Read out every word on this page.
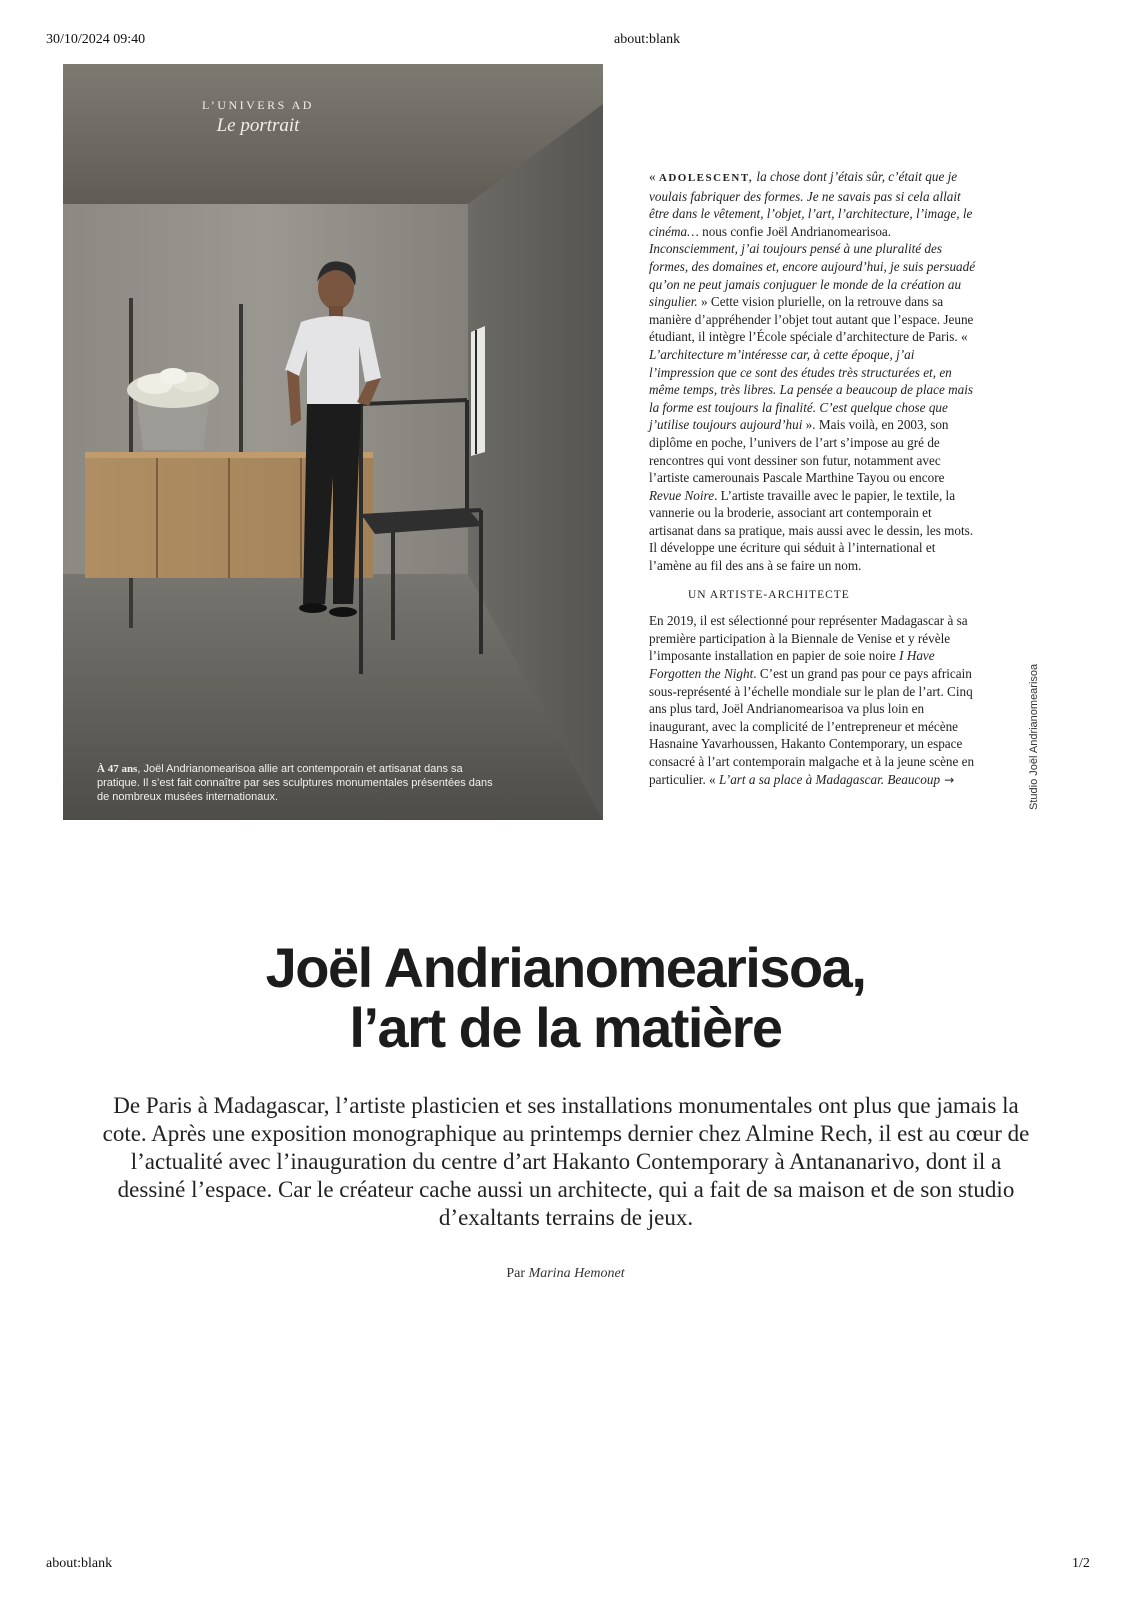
30/10/2024 09:40	about:blank
L’UNIVERS AD
Le portrait
À 47 ans, Joël Andrianomearisoa allie art contemporain et artisanat dans sa pratique. Il s’est fait connaître par ses sculptures monumentales présentées dans de nombreux musées internationaux.

« ADOLESCENT, la chose dont j’étais sûr, c’était que je voulais fabriquer des formes. Je ne savais pas si cela allait être dans le vêtement, l’objet, l’art, l’architecture, l’image, le cinéma… nous confie Joël Andrianomearisoa. Inconsciemment, j’ai toujours pensé à une pluralité des formes, des domaines et, encore aujourd’hui, je suis persuadé qu’on ne peut jamais conjuguer le monde de la création au singulier. » Cette vision plurielle, on la retrouve dans sa manière d’appréhender l’objet tout autant que l’espace. Jeune étudiant, il intègre l’École spéciale d’architecture de Paris. « L’architecture m’intéresse car, à cette époque, j’ai l’impression que ce sont des études très structurées et, en même temps, très libres. La pensée a beaucoup de place mais la forme est toujours la finalité. C’est quelque chose que j’utilise toujours aujourd’hui ». Mais voilà, en 2003, son diplôme en poche, l’univers de l’art s’impose au gré de rencontres qui vont dessiner son futur, notamment avec l’artiste camerounais Pascale Marthine Tayou ou encore Revue Noire. L’artiste travaille avec le papier, le textile, la vannerie ou la broderie, associant art contemporain et artisanat dans sa pratique, mais aussi avec le dessin, les mots. Il développe une écriture qui séduit à l’international et l’amène au fil des ans à se faire un nom.

UN ARTISTE-ARCHITECTE

En 2019, il est sélectionné pour représenter Madagascar à sa première participation à la Biennale de Venise et y révèle l’imposante installation en papier de soie noire I Have Forgotten the Night. C’est un grand pas pour ce pays africain sous-représenté à l’échelle mondiale sur le plan de l’art. Cinq ans plus tard, Joël Andrianomearisoa va plus loin en inaugurant, avec la complicité de l’entrepreneur et mécène Hasnaine Yavarhoussen, Hakanto Contemporary, un espace consacré à l’art contemporain malgache et à la jeune scène en particulier. « L’art a sa place à Madagascar. Beaucoup →	Studio Joël Andrianomearisoa
Joël Andrianomearisoa,
l’art de la matière
De Paris à Madagascar, l’artiste plasticien et ses installations monumentales ont plus que jamais la cote. Après une exposition monographique au printemps dernier chez Almine Rech, il est au cœur de l’actualité avec l’inauguration du centre d’art Hakanto Contemporary à Antananarivo, dont il a dessiné l’espace. Car le créateur cache aussi un architecte, qui a fait de sa maison et de son studio d’exaltants terrains de jeux.
Par Marina Hemonet
about:blank	1/2
